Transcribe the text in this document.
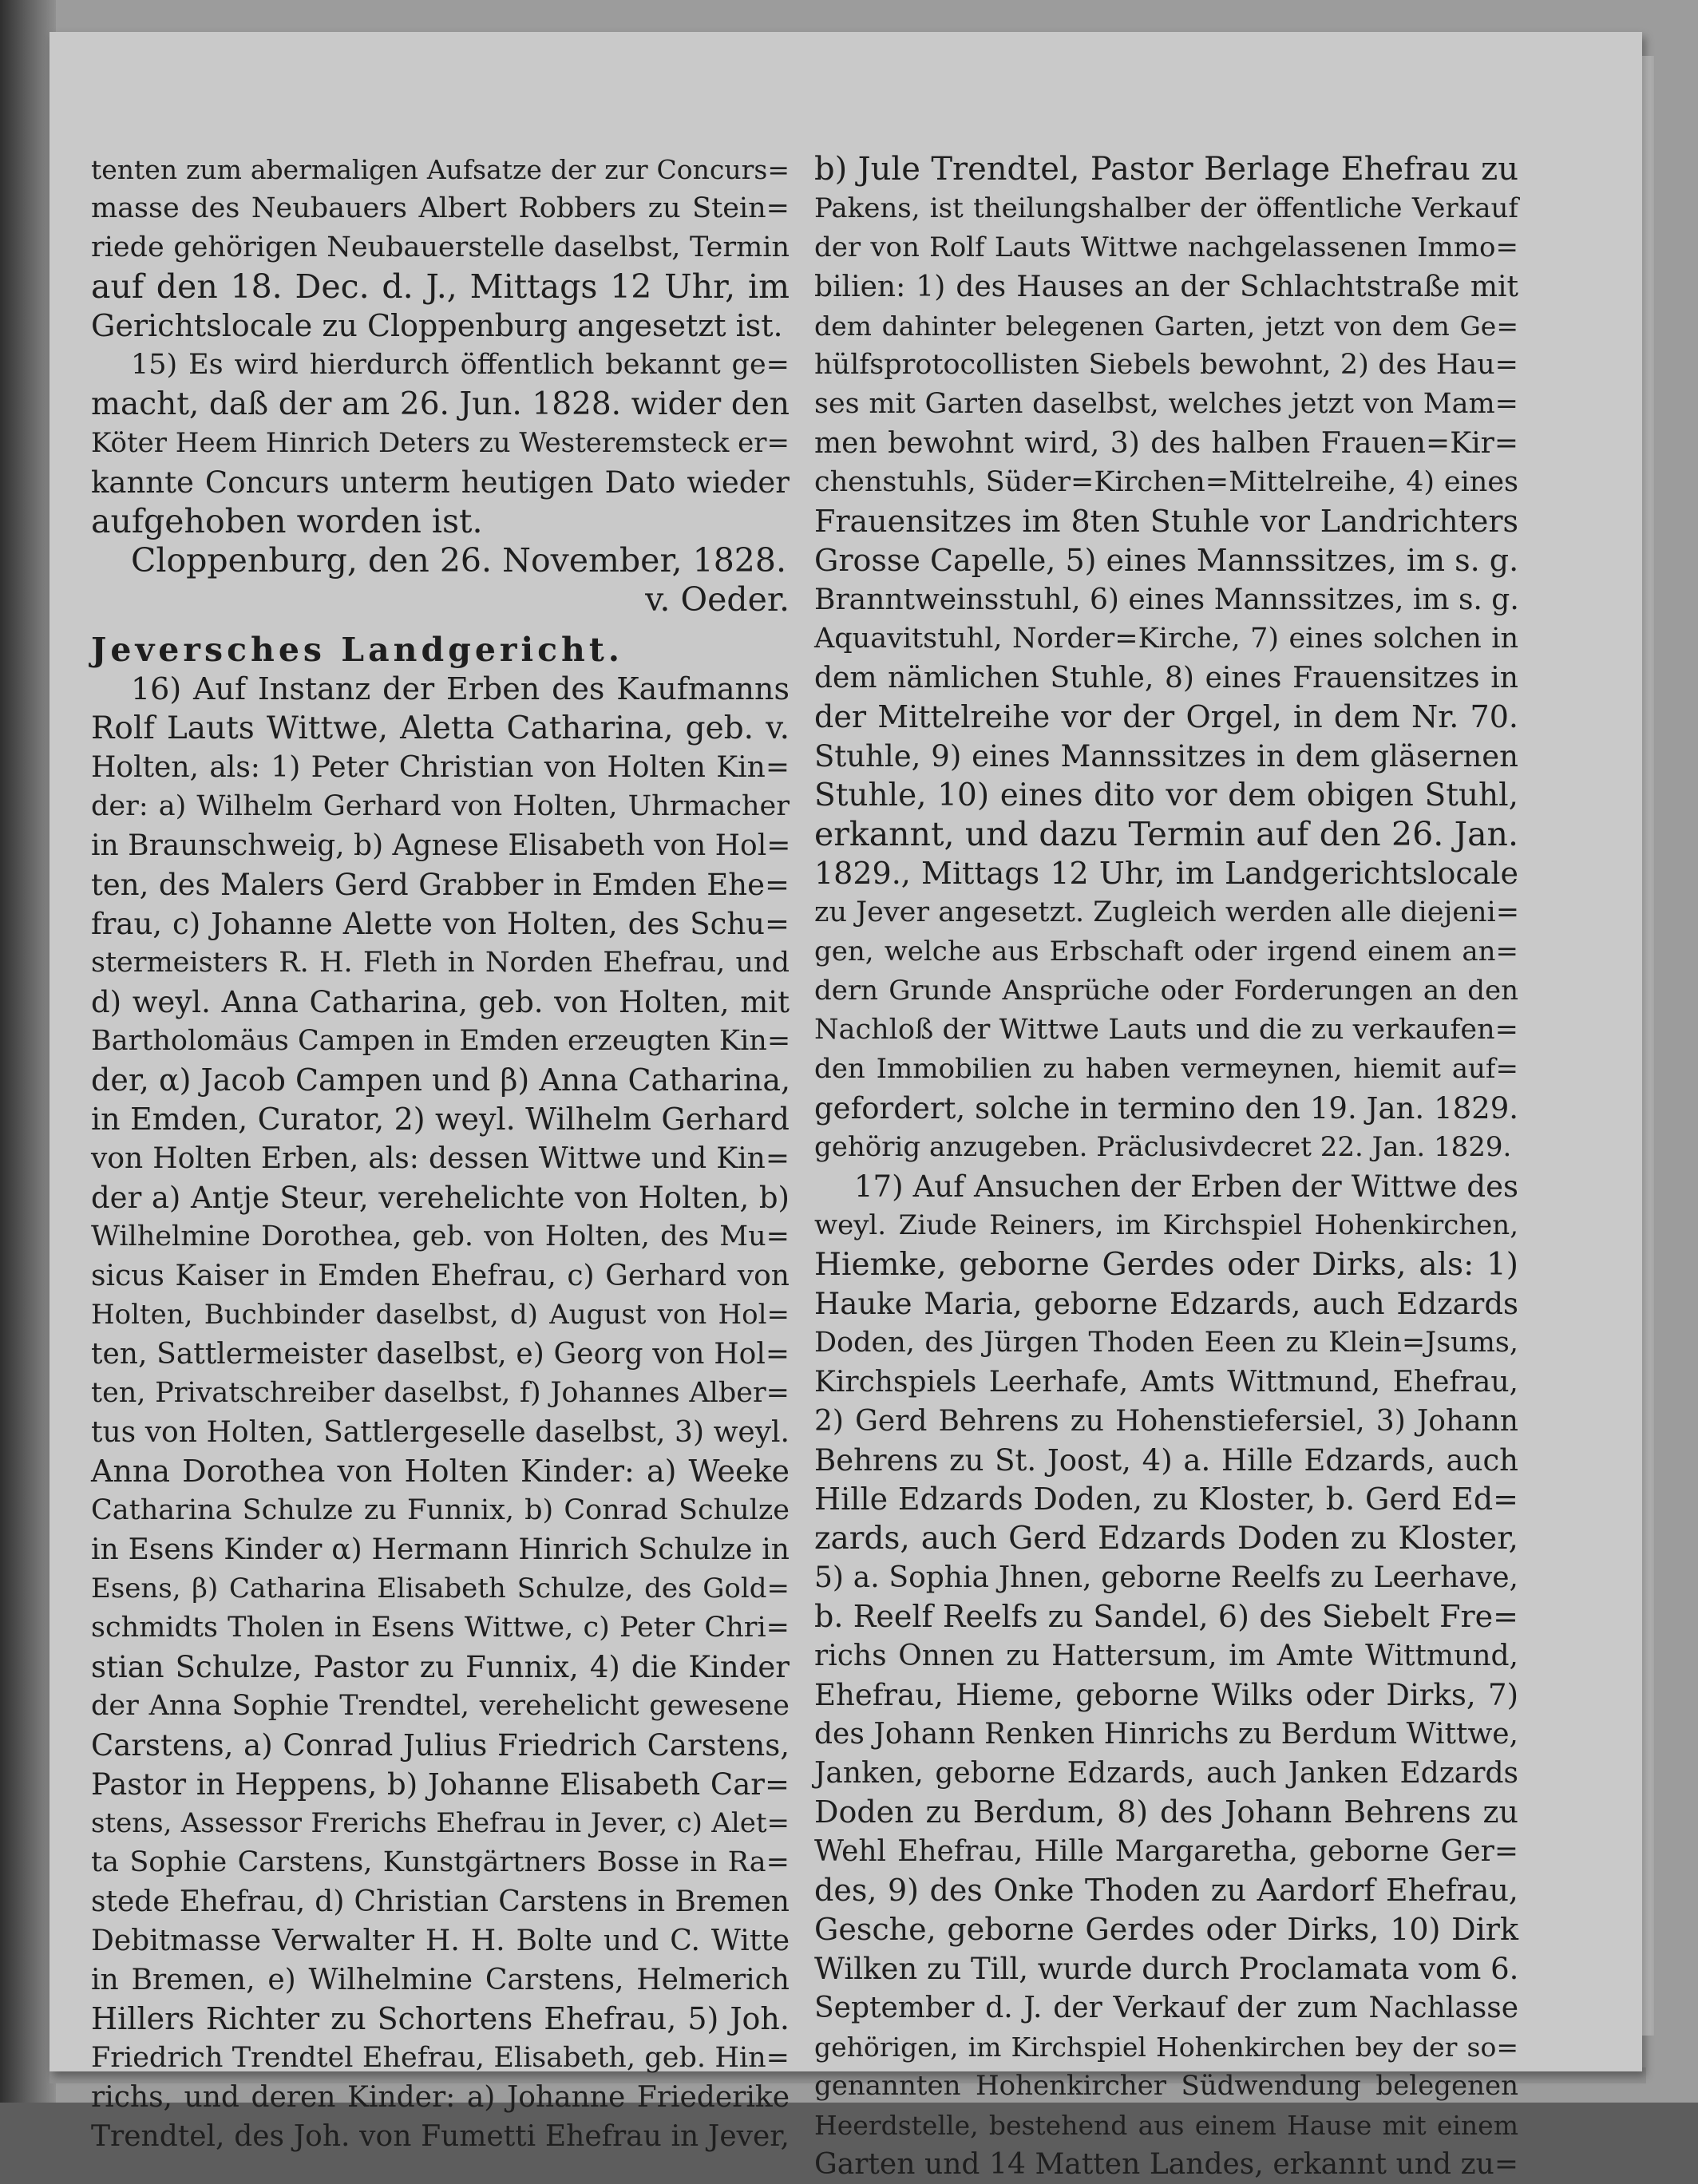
tenten zum abermaligen Aufsatze der zur Concurs=

masse des Neubauers Albert Robbers zu Stein=

riede gehörigen Neubauerstelle daselbst, Termin

auf den 18. Dec. d. J., Mittags 12 Uhr, im

Gerichtslocale zu Cloppenburg angesetzt ist.

15) Es wird hierdurch öffentlich bekannt ge=

macht, daß der am 26. Jun. 1828. wider den

Köter Heem Hinrich Deters zu Westeremsteck er=

kannte Concurs unterm heutigen Dato wieder

aufgehoben worden ist.

Cloppenburg, den 26. November, 1828.

v. Oeder.

Jeversches Landgericht.

16) Auf Instanz der Erben des Kaufmanns

Rolf Lauts Wittwe, Aletta Catharina, geb. v.

Holten, als: 1) Peter Christian von Holten Kin=

der: a) Wilhelm Gerhard von Holten, Uhrmacher

in Braunschweig, b) Agnese Elisabeth von Hol=

ten, des Malers Gerd Grabber in Emden Ehe=

frau, c) Johanne Alette von Holten, des Schu=

stermeisters R. H. Fleth in Norden Ehefrau, und

d) weyl. Anna Catharina, geb. von Holten, mit

Bartholomäus Campen in Emden erzeugten Kin=

der, α) Jacob Campen und β) Anna Catharina,

in Emden, Curator, 2) weyl. Wilhelm Gerhard

von Holten Erben, als: dessen Wittwe und Kin=

der a) Antje Steur, verehelichte von Holten, b)

Wilhelmine Dorothea, geb. von Holten, des Mu=

sicus Kaiser in Emden Ehefrau, c) Gerhard von

Holten, Buchbinder daselbst, d) August von Hol=

ten, Sattlermeister daselbst, e) Georg von Hol=

ten, Privatschreiber daselbst, f) Johannes Alber=

tus von Holten, Sattlergeselle daselbst, 3) weyl.

Anna Dorothea von Holten Kinder: a) Weeke

Catharina Schulze zu Funnix, b) Conrad Schulze

in Esens Kinder α) Hermann Hinrich Schulze in

Esens, β) Catharina Elisabeth Schulze, des Gold=

schmidts Tholen in Esens Wittwe, c) Peter Chri=

stian Schulze, Pastor zu Funnix, 4) die Kinder

der Anna Sophie Trendtel, verehelicht gewesene

Carstens, a) Conrad Julius Friedrich Carstens,

Pastor in Heppens, b) Johanne Elisabeth Car=

stens, Assessor Frerichs Ehefrau in Jever, c) Alet=

ta Sophie Carstens, Kunstgärtners Bosse in Ra=

stede Ehefrau, d) Christian Carstens in Bremen

Debitmasse Verwalter H. H. Bolte und C. Witte

in Bremen, e) Wilhelmine Carstens, Helmerich

Hillers Richter zu Schortens Ehefrau, 5) Joh.

Friedrich Trendtel Ehefrau, Elisabeth, geb. Hin=

richs, und deren Kinder: a) Johanne Friederike

Trendtel, des Joh. von Fumetti Ehefrau in Jever,

b) Jule Trendtel, Pastor Berlage Ehefrau zu

Pakens, ist theilungshalber der öffentliche Verkauf

der von Rolf Lauts Wittwe nachgelassenen Immo=

bilien: 1) des Hauses an der Schlachtstraße mit

dem dahinter belegenen Garten, jetzt von dem Ge=

hülfsprotocollisten Siebels bewohnt, 2) des Hau=

ses mit Garten daselbst, welches jetzt von Mam=

men bewohnt wird, 3) des halben Frauen=Kir=

chenstuhls, Süder=Kirchen=Mittelreihe, 4) eines

Frauensitzes im 8ten Stuhle vor Landrichters

Grosse Capelle, 5) eines Mannssitzes, im s. g.

Branntweinsstuhl, 6) eines Mannssitzes, im s. g.

Aquavitstuhl, Norder=Kirche, 7) eines solchen in

dem nämlichen Stuhle, 8) eines Frauensitzes in

der Mittelreihe vor der Orgel, in dem Nr. 70.

Stuhle, 9) eines Mannssitzes in dem gläsernen

Stuhle, 10) eines dito vor dem obigen Stuhl,

erkannt, und dazu Termin auf den 26. Jan.

1829., Mittags 12 Uhr, im Landgerichtslocale

zu Jever angesetzt. Zugleich werden alle diejeni=

gen, welche aus Erbschaft oder irgend einem an=

dern Grunde Ansprüche oder Forderungen an den

Nachloß der Wittwe Lauts und die zu verkaufen=

den Immobilien zu haben vermeynen, hiemit auf=

gefordert, solche in termino den 19. Jan. 1829.

gehörig anzugeben. Präclusivdecret 22. Jan. 1829.

17) Auf Ansuchen der Erben der Wittwe des

weyl. Ziude Reiners, im Kirchspiel Hohenkirchen,

Hiemke, geborne Gerdes oder Dirks, als: 1)

Hauke Maria, geborne Edzards, auch Edzards

Doden, des Jürgen Thoden Eeen zu Klein=Jsums,

Kirchspiels Leerhafe, Amts Wittmund, Ehefrau,

2) Gerd Behrens zu Hohenstiefersiel, 3) Johann

Behrens zu St. Joost, 4) a. Hille Edzards, auch

Hille Edzards Doden, zu Kloster, b. Gerd Ed=

zards, auch Gerd Edzards Doden zu Kloster,

5) a. Sophia Jhnen, geborne Reelfs zu Leerhave,

b. Reelf Reelfs zu Sandel, 6) des Siebelt Fre=

richs Onnen zu Hattersum, im Amte Wittmund,

Ehefrau, Hieme, geborne Wilks oder Dirks, 7)

des Johann Renken Hinrichs zu Berdum Wittwe,

Janken, geborne Edzards, auch Janken Edzards

Doden zu Berdum, 8) des Johann Behrens zu

Wehl Ehefrau, Hille Margaretha, geborne Ger=

des, 9) des Onke Thoden zu Aardorf Ehefrau,

Gesche, geborne Gerdes oder Dirks, 10) Dirk

Wilken zu Till, wurde durch Proclamata vom 6.

September d. J. der Verkauf der zum Nachlasse

gehörigen, im Kirchspiel Hohenkirchen bey der so=

genannten Hohenkircher Südwendung belegenen

Heerdstelle, bestehend aus einem Hause mit einem

Garten und 14 Matten Landes, erkannt und zu=
